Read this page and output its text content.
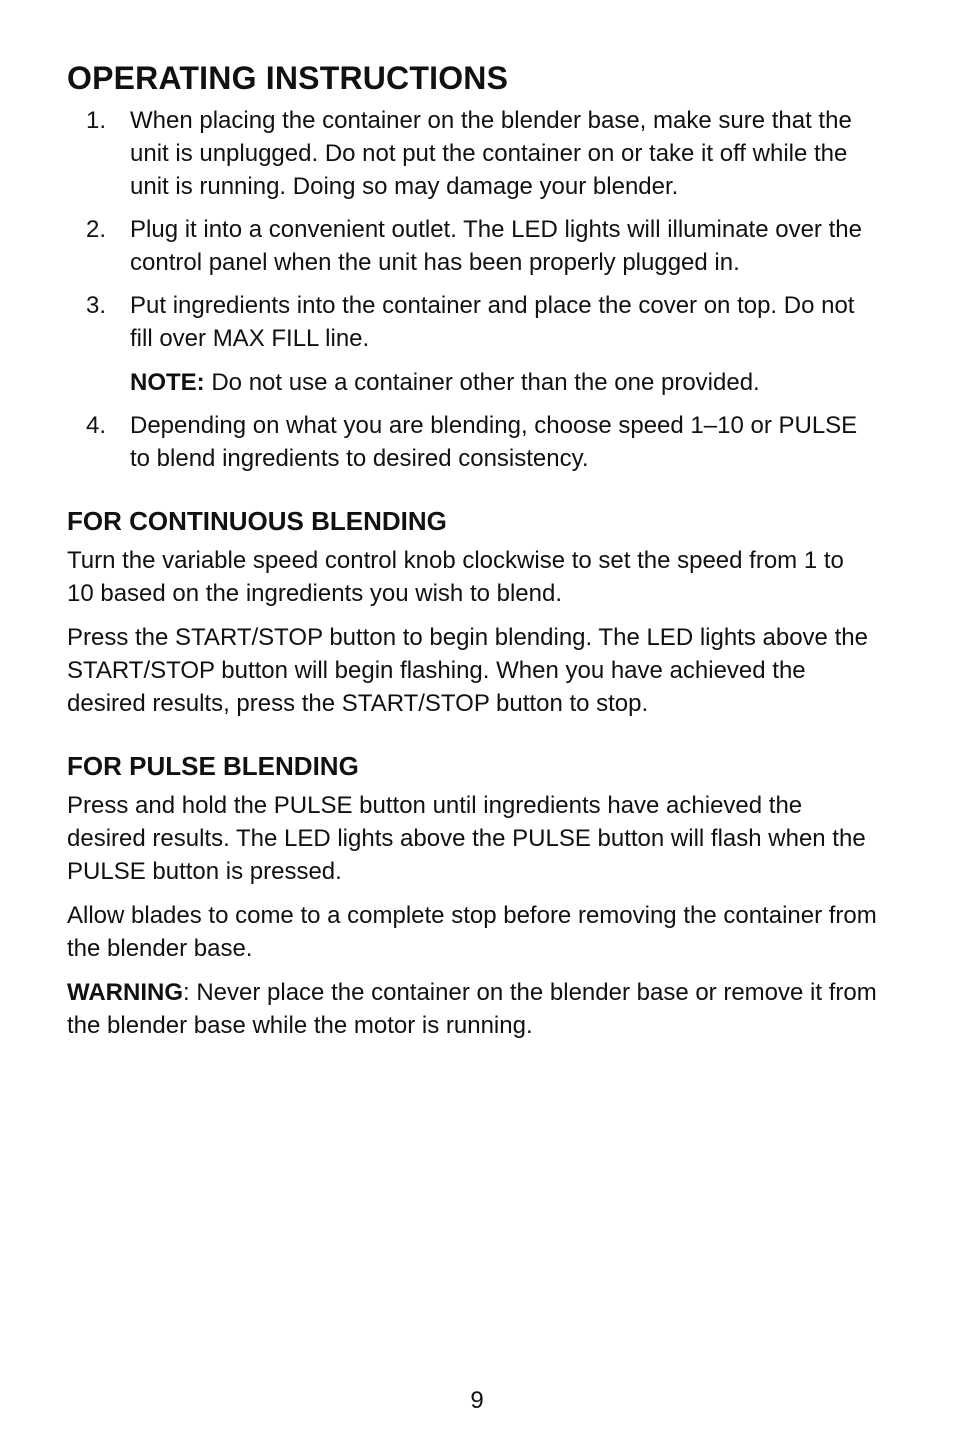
OPERATING INSTRUCTIONS
1. When placing the container on the blender base, make sure that the unit is unplugged. Do not put the container on or take it off while the unit is running. Doing so may damage your blender.

2. Plug it into a convenient outlet. The LED lights will illuminate over the control panel when the unit has been properly plugged in.

3. Put ingredients into the container and place the cover on top. Do not fill over MAX FILL line.

NOTE: Do not use a container other than the one provided.

4. Depending on what you are blending, choose speed 1–10 or PULSE to blend ingredients to desired consistency.

FOR CONTINUOUS BLENDING

Turn the variable speed control knob clockwise to set the speed from 1 to 10 based on the ingredients you wish to blend.

Press the START/STOP button to begin blending. The LED lights above the START/STOP button will begin flashing. When you have achieved the desired results, press the START/STOP button to stop.

FOR PULSE BLENDING

Press and hold the PULSE button until ingredients have achieved the desired results. The LED lights above the PULSE button will flash when the PULSE button is pressed.

Allow blades to come to a complete stop before removing the container from the blender base.

WARNING: Never place the container on the blender base or remove it from the blender base while the motor is running.

9
